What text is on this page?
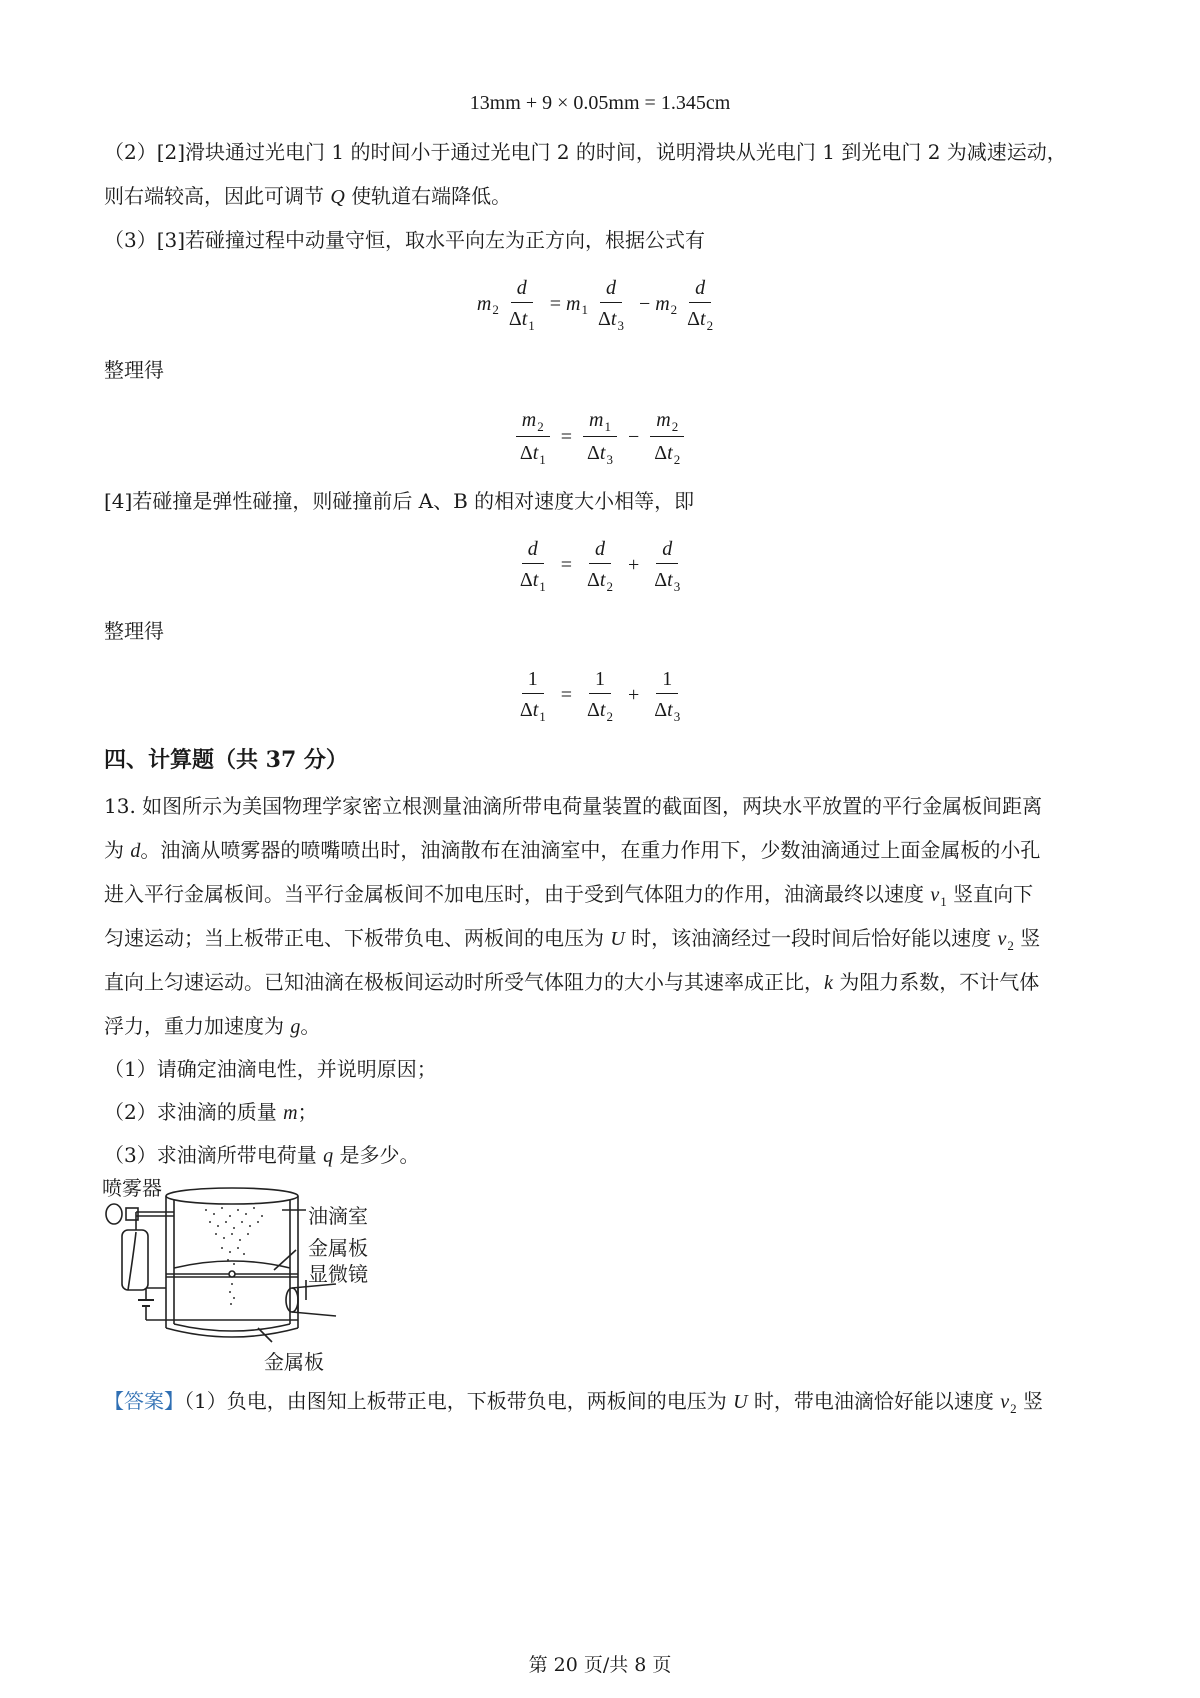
13mm + 9 × 0.05mm = 1.345cm
（2）[2]滑块通过光电门 1 的时间小于通过光电门 2 的时间，说明滑块从光电门 1 到光电门 2 为减速运动，
则右端较高，因此可调节 Q 使轨道右端降低。
（3）[3]若碰撞过程中动量守恒，取水平向左为正方向，根据公式有
m $2 \frac{d}{\Delta t_1} = m$ $1 \frac{d}{\Delta t_3} - m$ $2 \frac{d}{\Delta t_2}$
整理得
$\frac{m_2}{\Delta t_1} = \frac{m_1}{\Delta t_3} - \frac{m_2}{\Delta t_2}$
[4]若碰撞是弹性碰撞，则碰撞前后 A、B 的相对速度大小相等，即
$\frac{d}{\Delta t_1} = \frac{d}{\Delta t_2} + \frac{d}{\Delta t_3}$
整理得
$\frac{1}{\Delta t_1} = \frac{1}{\Delta t_2} + \frac{1}{\Delta t_3}$
四、计算题（共 37 分）
13. 如图所示为美国物理学家密立根测量油滴所带电荷量装置的截面图，两块水平放置的平行金属板间距离
为 d。油滴从喷雾器的喷嘴喷出时，油滴散布在油滴室中，在重力作用下，少数油滴通过上面金属板的小孔
进入平行金属板间。当平行金属板间不加电压时，由于受到气体阻力的作用，油滴最终以速度 $v_1$ 竖直向下
匀速运动；当上板带正电、下板带负电、两板间的电压为 U 时，该油滴经过一段时间后恰好能以速度 $v_2$ 竖
直向上匀速运动。已知油滴在极板间运动时所受气体阻力的大小与其速率成正比，k 为阻力系数，不计气体
浮力，重力加速度为 g。
（1）请确定油滴电性，并说明原因；
（2）求油滴的质量 m；
（3）求油滴所带电荷量 q 是多少。
喷雾器
油滴室
金属板
显微镜
金属板
【答案】（1）负电，由图知上板带正电，下板带负电，两板间的电压为 U 时，带电油滴恰好能以速度 $v_2$ 竖
第 20 页/共 8 页
